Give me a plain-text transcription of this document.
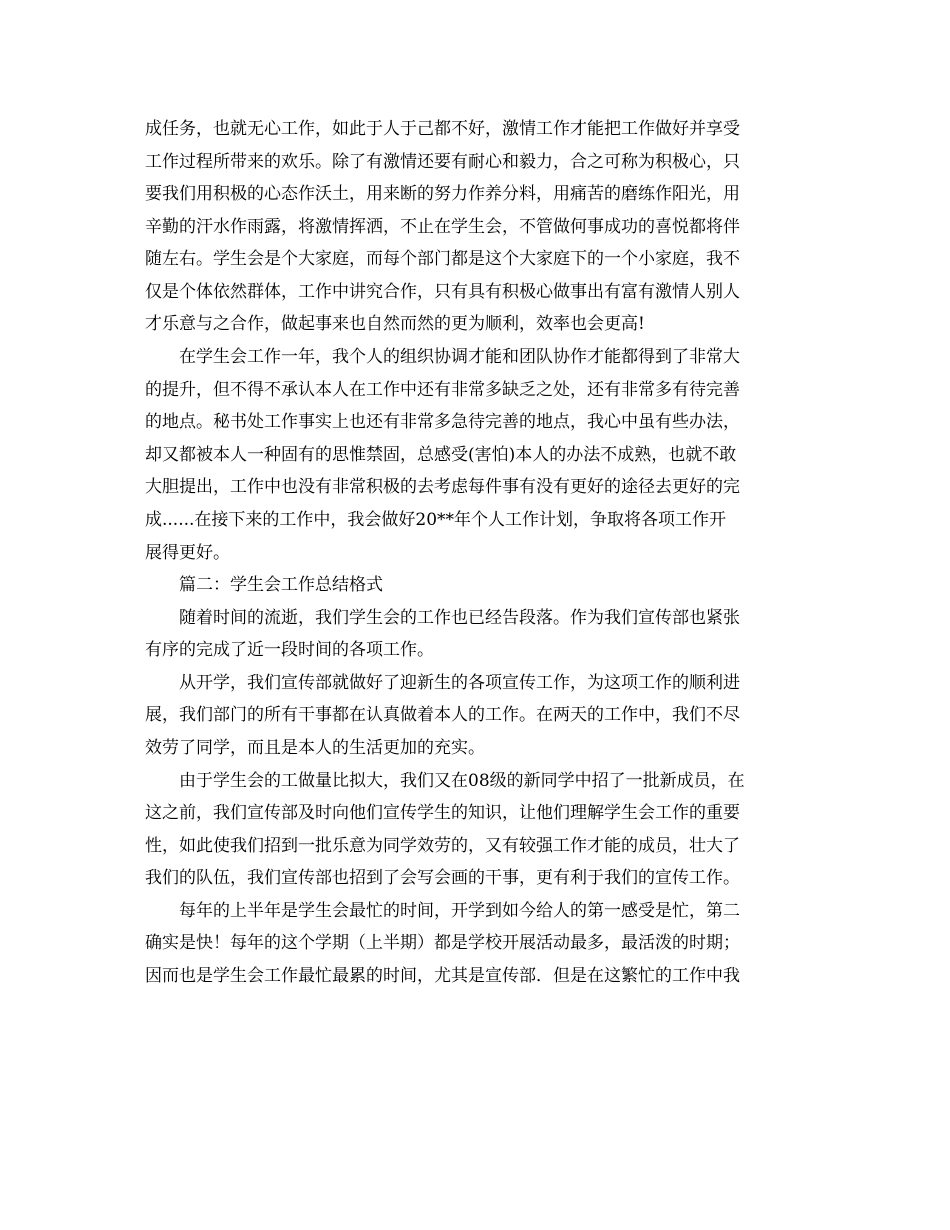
成任务，也就无心工作，如此于人于己都不好，激情工作才能把工作做好并享受

工作过程所带来的欢乐。除了有激情还要有耐心和毅力，合之可称为积极心，只

要我们用积极的心态作沃土，用来断的努力作养分料，用痛苦的磨练作阳光，用

辛勤的汗水作雨露，将激情挥洒，不止在学生会，不管做何事成功的喜悦都将伴

随左右。学生会是个大家庭，而每个部门都是这个大家庭下的一个小家庭，我不

仅是个体依然群体，工作中讲究合作，只有具有积极心做事出有富有激情人别人

才乐意与之合作，做起事来也自然而然的更为顺利，效率也会更高!

在学生会工作一年，我个人的组织协调才能和团队协作才能都得到了非常大

的提升，但不得不承认本人在工作中还有非常多缺乏之处，还有非常多有待完善

的地点。秘书处工作事实上也还有非常多急待完善的地点，我心中虽有些办法，

却又都被本人一种固有的思惟禁固，总感受(害怕)本人的办法不成熟，也就不敢

大胆提出，工作中也没有非常积极的去考虑每件事有没有更好的途径去更好的完

成......在接下来的工作中，我会做好20**年个人工作计划，争取将各项工作开

展得更好。

篇二：学生会工作总结格式

随着时间的流逝，我们学生会的工作也已经告段落。作为我们宣传部也紧张

有序的完成了近一段时间的各项工作。

从开学，我们宣传部就做好了迎新生的各项宣传工作，为这项工作的顺利进

展，我们部门的所有干事都在认真做着本人的工作。在两天的工作中，我们不尽

效劳了同学，而且是本人的生活更加的充实。

由于学生会的工做量比拟大，我们又在08级的新同学中招了一批新成员，在

这之前，我们宣传部及时向他们宣传学生的知识，让他们理解学生会工作的重要

性，如此使我们招到一批乐意为同学效劳的，又有较强工作才能的成员，壮大了

我们的队伍，我们宣传部也招到了会写会画的干事，更有利于我们的宣传工作。

每年的上半年是学生会最忙的时间，开学到如今给人的第一感受是忙，第二

确实是快！每年的这个学期（上半期）都是学校开展活动最多，最活泼的时期；

因而也是学生会工作最忙最累的时间，尤其是宣传部．但是在这繁忙的工作中我
